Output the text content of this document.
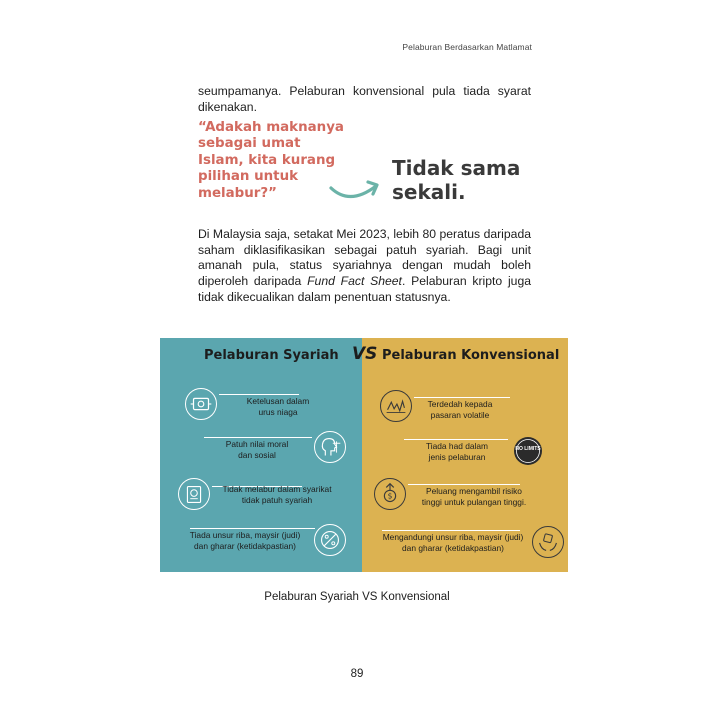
Pelaburan Berdasarkan Matlamat
seumpamanya. Pelaburan konvensional pula tiada syarat
dikenakan.
“Adakah maknanya
sebagai umat
Islam, kita kurang
pilihan untuk
melabur?”
Tidak sama
sekali.
Di Malaysia saja, setakat Mei 2023, lebih 80 peratus daripada
saham diklasifikasikan sebagai patuh syariah. Bagi unit
amanah pula, status syariahnya dengan mudah boleh
diperoleh daripada Fund Fact Sheet. Pelaburan kripto juga
tidak dikecualikan dalam penentuan statusnya.
Pelaburan Syariah
Ketelusan dalam
urus niaga
Patuh nilai moral
dan sosial
Tidak melabur dalam syarikat
tidak patuh syariah
Tiada unsur riba, maysir (judi)
dan gharar (ketidakpastian)
Pelaburan Konvensional
Terdedah kepada
pasaran volatile
Tiada had dalam
jenis pelaburan
NO LIMITS
$
Peluang mengambil risiko
tinggi untuk pulangan tinggi.
Mengandungi unsur riba, maysir (judi)
dan gharar (ketidakpastian)
VS
Pelaburan Syariah VS Konvensional
89
